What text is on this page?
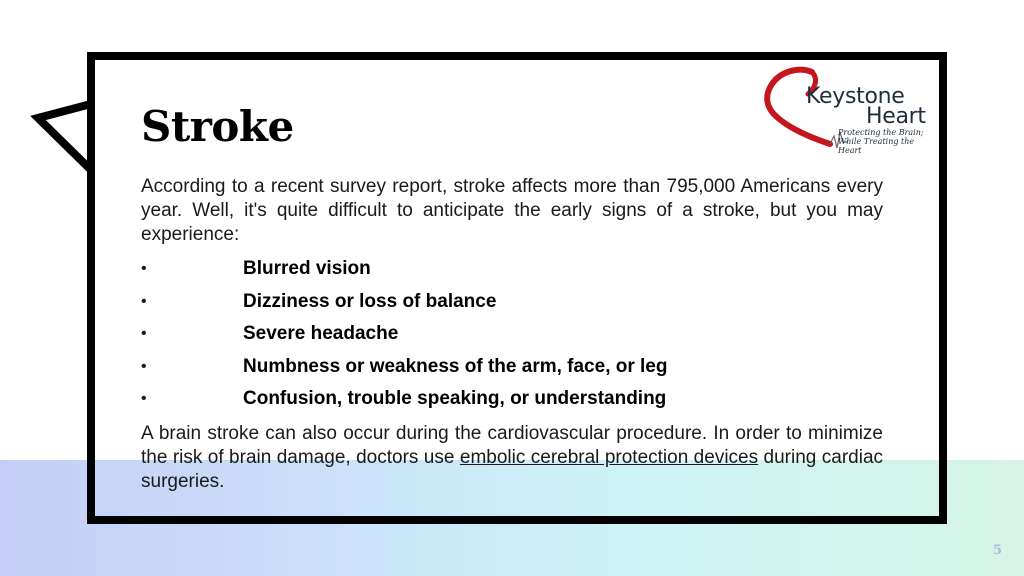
Stroke
Keystone
Heart
Protecting the Brain;
While Treating the Heart

According to a recent survey report, stroke affects more than 795,000 Americans every year. Well, it's quite difficult to anticipate the early signs of a stroke, but you may experience:

•	Blurred vision
•	Dizziness or loss of balance
•	Severe headache
•	Numbness or weakness of the arm, face, or leg
•	Confusion, trouble speaking, or understanding

A brain stroke can also occur during the cardiovascular procedure. In order to minimize the risk of brain damage, doctors use embolic cerebral protection devices during cardiac surgeries.

5
